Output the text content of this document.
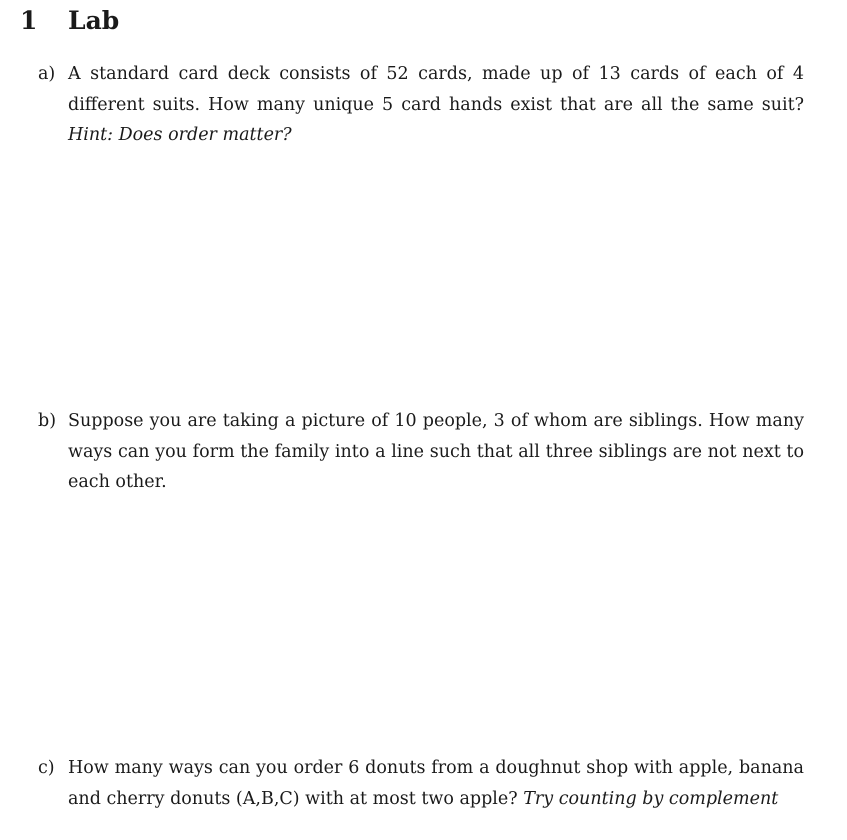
1 Lab
a) A standard card deck consists of 52 cards, made up of 13 cards of each of 4 different suits. How many unique 5 card hands exist that are all the same suit? Hint: Does order matter?
b) Suppose you are taking a picture of 10 people, 3 of whom are siblings. How many ways can you form the family into a line such that all three siblings are not next to each other.
c) How many ways can you order 6 donuts from a doughnut shop with apple, banana and cherry donuts (A,B,C) with at most two apple? Try counting by complement
